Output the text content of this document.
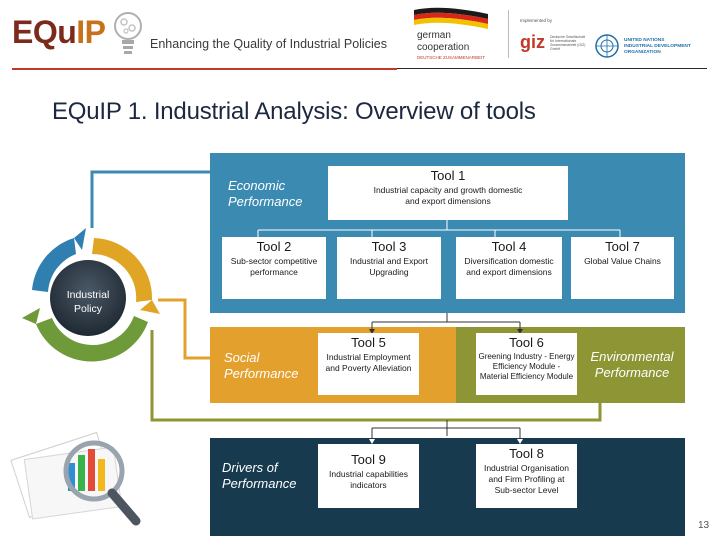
EQuIP	Enhancing the Quality of Industrial Policies
german
cooperation
DEUTSCHE ZUSAMMENARBEIT
Implemented by
giz Deutsche Gesellschaft für Internationale Zusammenarbeit (GIZ) GmbH
UNITED NATIONS
INDUSTRIAL DEVELOPMENT ORGANIZATION
EQuIP 1. Industrial Analysis: Overview of tools
Economic Performance
Social Performance
Environmental Performance
Drivers of Performance
Tool 1
Industrial capacity and growth domestic and export dimensions
Tool 2
Sub-sector competitive performance
Tool 3
Industrial and Export Upgrading
Tool 4
Diversification domestic and export dimensions
Tool 7
Global Value Chains
Tool 5
Industrial Employment and Poverty Alleviation
Tool 6
Greening Industry - Energy Efficiency Module - Material Efficiency Module
Tool 9
Industrial capabilities indicators
Tool 8
Industrial Organisation and Firm Profiling at Sub-sector Level
Industrial Policy
13
